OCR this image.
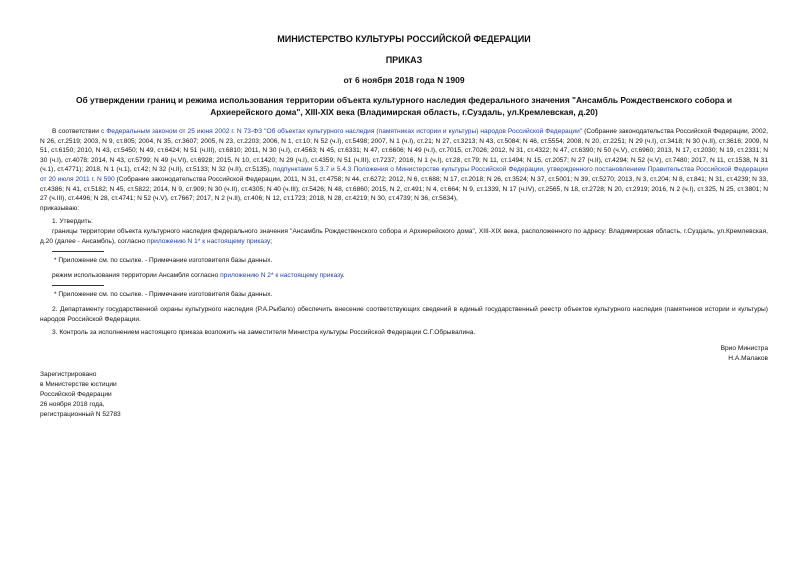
МИНИСТЕРСТВО КУЛЬТУРЫ РОССИЙСКОЙ ФЕДЕРАЦИИ
ПРИКАЗ
от 6 ноября 2018 года N 1909
Об утверждении границ и режима использования территории объекта культурного наследия федерального значения "Ансамбль Рождественского собора и Архиерейского дома", XIII-XIX века (Владимирская область, г.Суздаль, ул.Кремлевская, д.20)

В соответствии с Федеральным законом от 25 июня 2002 г. N 73-ФЗ "Об объектах культурного наследия (памятниках истории и культуры) народов Российской Федерации" (Собрание законодательства Российской Федерации, 2002, N 26, ст.2519; 2003, N 9, ст.805; 2004, N 35, ст.3607; 2005, N 23, ст.2203; 2006, N 1, ст.10; N 52 (ч.I), ст.5498; 2007, N 1 (ч.I), ст.21; N 27, ст.3213; N 43, ст.5084; N 46, ст.5554; 2008, N 20, ст.2251; N 29 (ч.I), ст.3418; N 30 (ч.II), ст.3616; 2009, N 51, ст.6150; 2010, N 43, ст.5450; N 49, ст.6424; N 51 (ч.III), ст.6810; 2011, N 30 (ч.I), ст.4563; N 45, ст.6331; N 47, ст.6606; N 49 (ч.I), ст.7015, ст.7026; 2012, N 31, ст.4322; N 47, ст.6390; N 50 (ч.V), ст.6960; 2013, N 17, ст.2030; N 19, ст.2331; N 30 (ч.I), ст.4078; 2014, N 43, ст.5799; N 49 (ч.VI), ст.6928; 2015, N 10, ст.1420; N 29 (ч.I), ст.4359; N 51 (ч.III), ст.7237; 2016, N 1 (ч.I), ст.28, ст.79; N 11, ст.1494; N 15, ст.2057; N 27 (ч.II), ст.4294; N 52 (ч.V), ст.7480; 2017, N 11, ст.1538, N 31 (ч.1), ст.4771); 2018, N 1 (ч.1), ст.42; N 32 (ч.II), ст.5133; N 32 (ч.II), ст.5135), подпунктами 5.3.7 и 5.4.3 Положения о Министерстве культуры Российской Федерации, утвержденного постановлением Правительства Российской Федерации от 20 июля 2011 г. N 590 (Собрание законодательства Российской Федерации, 2011, N 31, ст.4758; N 44, ст.6272; 2012, N 6, ст.688; N 17, ст.2018; N 26, ст.3524; N 37, ст.5001; N 39, ст.5270; 2013, N 3, ст.204; N 8, ст.841; N 31, ст.4239; N 33, ст.4386; N 41, ст.5182; N 45, ст.5822; 2014, N 9, ст.909; N 30 (ч.II), ст.4305; N 40 (ч.III); ст.5426; N 48, ст.6860; 2015, N 2, ст.491; N 4, ст.664; N 9, ст.1339, N 17 (ч.IV), ст.2565, N 18, ст.2728; N 20, ст.2919; 2016, N 2 (ч.I), ст.325, N 25, ст.3801; N 27 (ч.III), ст.4496; N 28, ст.4741; N 52 (ч.V), ст.7667; 2017, N 2 (ч.II), ст.406; N 12, ст.1723; 2018, N 28, ст.4219; N 30, ст.4739; N 36, ст.5634),

приказываю:

1. Утвердить:

границы территории объекта культурного наследия федерального значения "Ансамбль Рождественского собора и Архиерейского дома", XIII-XIX века, расположенного по адресу: Владимирская область, г.Суздаль, ул.Кремлевская, д.20 (далее - Ансамбль), согласно приложению N 1* к настоящему приказу;

* Приложение см. по ссылке. - Примечание изготовителя базы данных.

режим использования территории Ансамбля согласно приложению N 2* к настоящему приказу.

* Приложение см. по ссылке. - Примечание изготовителя базы данных.

2. Департаменту государственной охраны культурного наследия (Р.А.Рыбало) обеспечить внесение соответствующих сведений в единый государственный реестр объектов культурного наследия (памятников истории и культуры) народов Российской Федерации.

3. Контроль за исполнением настоящего приказа возложить на заместителя Министра культуры Российской Федерации С.Г.Обрывалина.

Врио Министра

Н.А.Малаков

Зарегистрировано

в Министерстве юстиции

Российской Федерации

26 ноября 2018 года,

регистрационный N 52783
